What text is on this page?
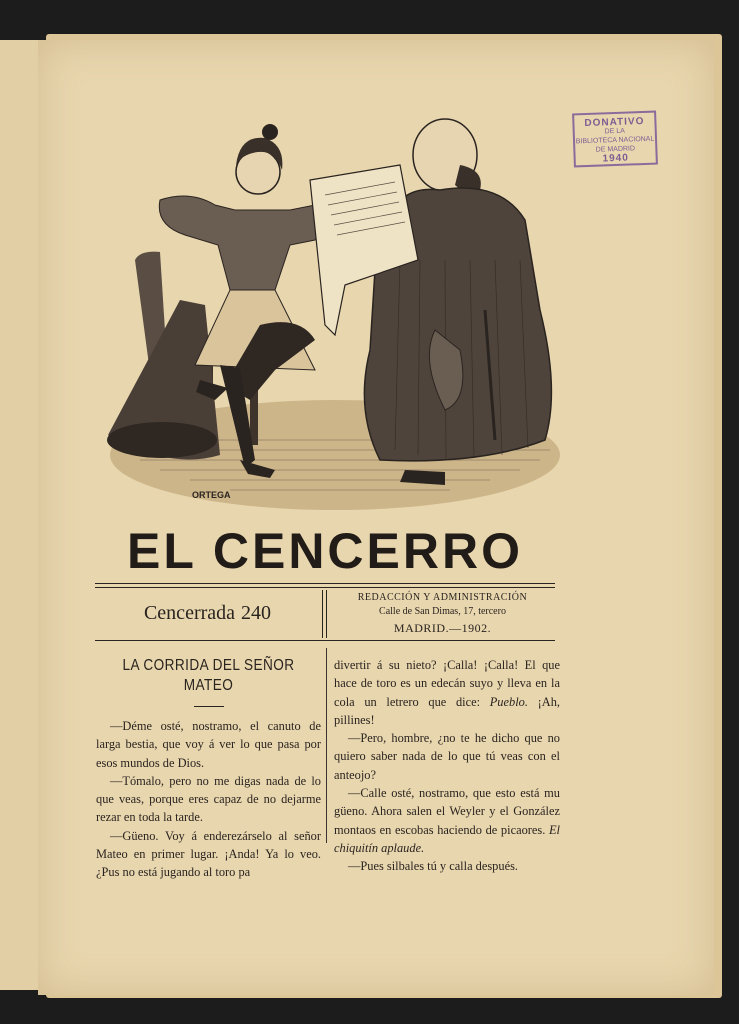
DONATIVO
DE LA
BIBLIOTECA NACIONAL
DE MADRID
1940
ORTEGA
EL CENCERRO
Cencerrada 240
REDACCIÓN Y ADMINISTRACIÓN
Calle de San Dimas, 17, tercero
MADRID.—1902.
LA CORRIDA DEL SEÑOR MATEO

—Déme osté, nostramo, el canuto de larga bestia, que voy á ver lo que pasa por esos mundos de Dios.

—Tómalo, pero no me digas nada de lo que veas, porque eres capaz de no dejarme rezar en toda la tarde.

—Güeno. Voy á enderezárselo al señor Mateo en primer lugar. ¡Anda! Ya lo veo. ¿Pus no está jugando al toro pa

divertir á su nieto? ¡Calla! ¡Calla! El que hace de toro es un edecán suyo y lleva en la cola un letrero que dice: Pueblo. ¡Ah, pillines!

—Pero, hombre, ¿no te he dicho que no quiero saber nada de lo que tú veas con el anteojo?

—Calle osté, nostramo, que esto está mu güeno. Ahora salen el Weyler y el González montaos en escobas haciendo de picaores. El chiquitín aplaude.

—Pues silbales tú y calla después.
